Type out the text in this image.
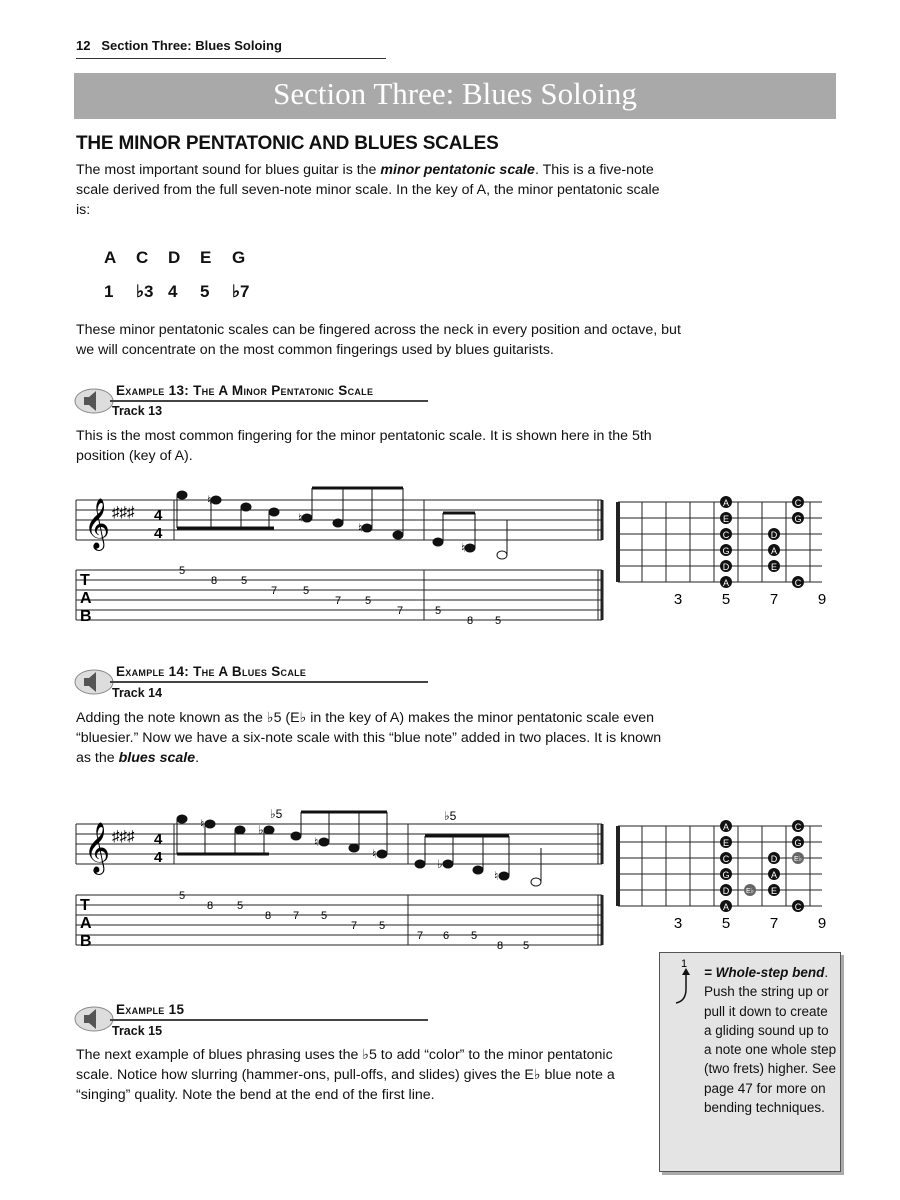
12 Section Three: Blues Soloing
Section Three: Blues Soloing
THE MINOR PENTATONIC AND BLUES SCALES
The most important sound for blues guitar is the minor pentatonic scale. This is a five-note scale derived from the full seven-note minor scale. In the key of A, the minor pentatonic scale is:
A C D E G
1 ♭3 4 5 ♭7
These minor pentatonic scales can be fingered across the neck in every position and octave, but we will concentrate on the most common fingerings used by blues guitarists.
Example 13: The A Minor Pentatonic Scale
Track 13
This is the most common fingering for the minor pentatonic scale. It is shown here in the 5th position (key of A).
𝄞 ♯♯♯ 4
4
♮
♮
♮
♮
T
A
B
5
8 5
7 5
7 5
7	5
8 5
A
E
C
G
D
A
D
A
E
C
G
C
3	5	7	9
Example 14: The A Blues Scale
Track 14
Adding the note known as the ♭5 (E♭ in the key of A) makes the minor pentatonic scale even “bluesier.” Now we have a six-note scale with this “blue note” added in two places. It is known as the blues scale.
♭5	♭5
𝄞 ♯♯♯ 4
4
♮	♭
♮
♮
♭
♮
T
A
B
5
8 5
8 7 5
7 5
7 6 5
8 5
A
E
C
G
D
A
E♭
D
A
E
C
G
E♭
C
3	5	7	9
Example 15
Track 15
The next example of blues phrasing uses the ♭5 to add “color” to the minor pentatonic scale. Notice how slurring (hammer-ons, pull-offs, and slides) gives the E♭ blue note a “singing” quality. Note the bend at the end of the first line.
1
= Whole-step bend. Push the string up or pull it down to create a gliding sound up to a note one whole step (two frets) higher. See page 47 for more on bending techniques.
